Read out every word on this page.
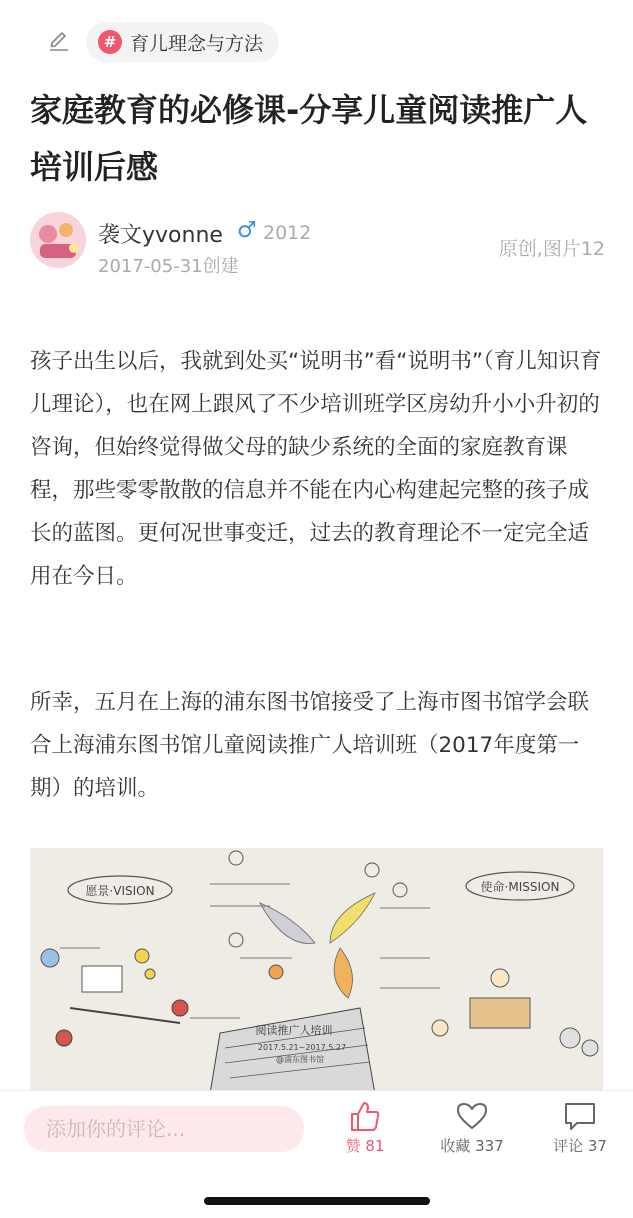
# 育儿理念与方法
家庭教育的必修课-分享儿童阅读推广人培训后感
袭文yvonne ♂ 2012
2017-05-31创建
原创,图片12

孩子出生以后，我就到处买“说明书”看“说明书”（育儿知识育儿理论），也在网上跟风了不少培训班学区房幼升小小升初的咨询，但始终觉得做父母的缺少系统的全面的家庭教育课程，那些零零散散的信息并不能在内心构建起完整的孩子成长的蓝图。更何况世事变迁，过去的教育理论不一定完全适用在今日。

所幸，五月在上海的浦东图书馆接受了上海市图书馆学会联合上海浦东图书馆儿童阅读推广人培训班（2017年度第一期）的培训。

愿景·VISION	使命·MISSION
阅读推广人培训
2017.5.21~2017.5.27
@浦东图书馆
添加你的评论...
赞 81	收藏 337	评论 37
